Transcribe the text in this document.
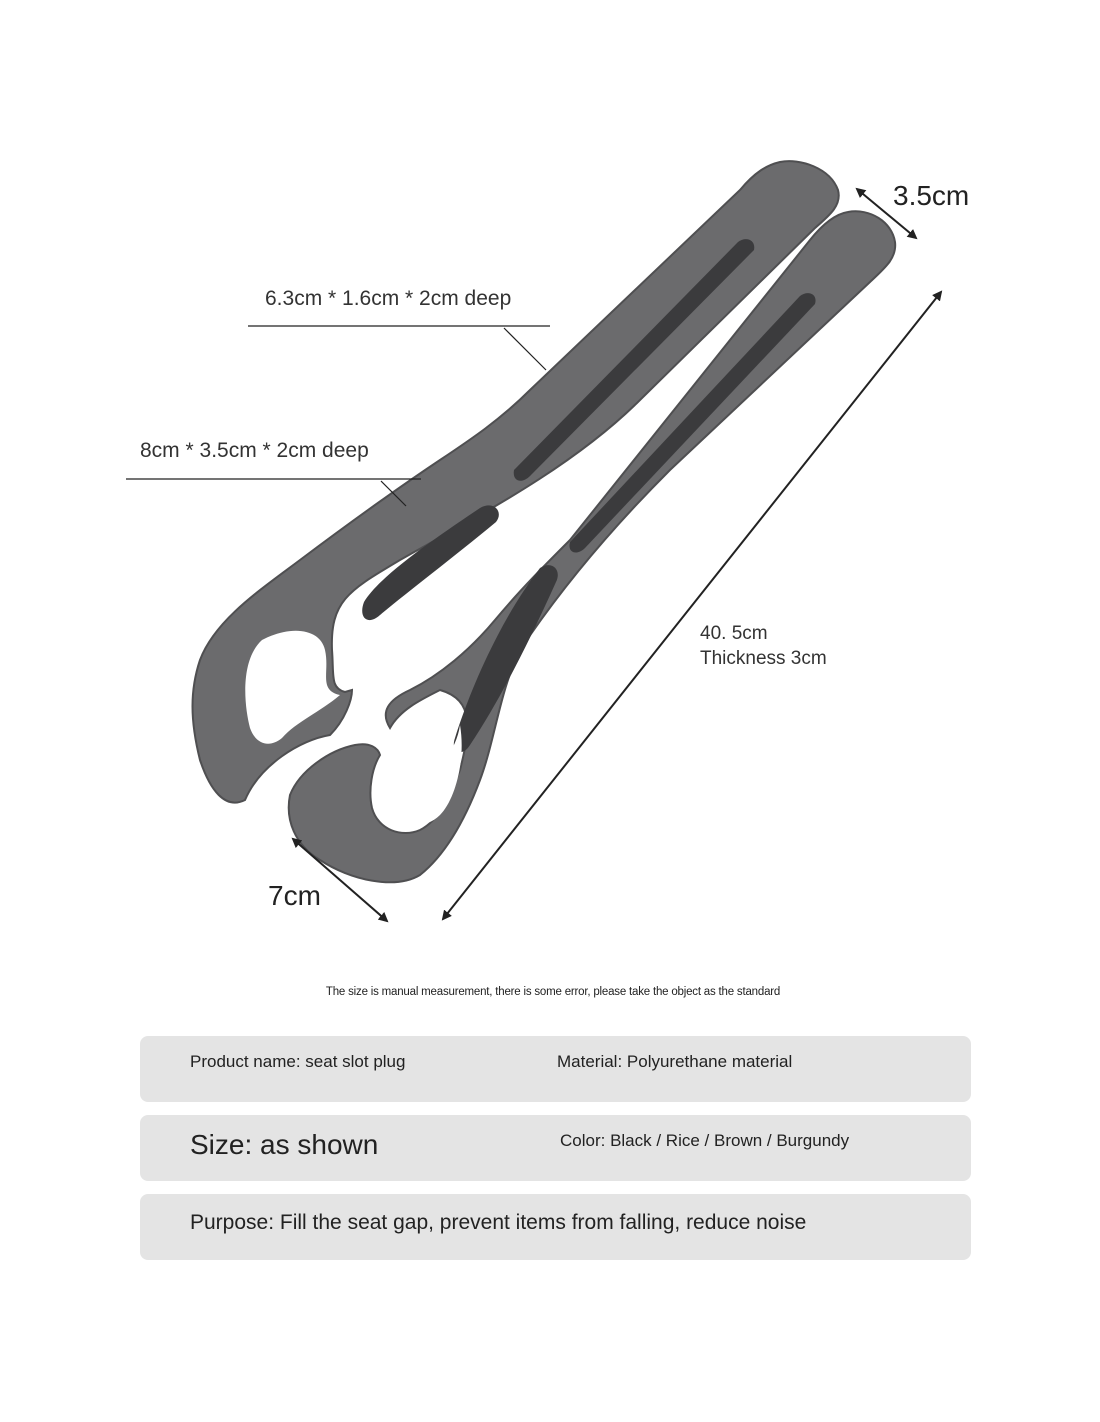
3.5cm
6.3cm * 1.6cm * 2cm deep
8cm * 3.5cm * 2cm deep
40. 5cm
Thickness 3cm
7cm
The size is manual measurement, there is some error, please take the object as the standard
Product name: seat slot plug	Material: Polyurethane material
Size: as shown	Color: Black / Rice / Brown / Burgundy
Purpose: Fill the seat gap, prevent items from falling, reduce noise
